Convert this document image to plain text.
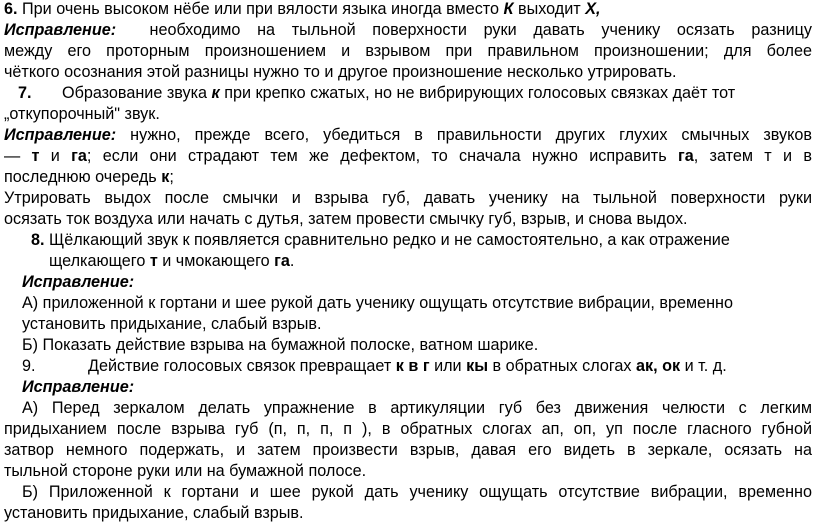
6. При очень высоком нёбе или при вялости языка иногда вместо К выходит Х,
Исправление: необходимо на тыльной поверхности руки давать ученику осязать разницу
между его проторным произношением и взрывом при правильном произношении; для более
чёткого осознания этой разницы нужно то и другое произношение несколько утрировать.
7. Образование звука к при крепко сжатых, но не вибрирующих голосовых связках даёт тот
„откупорочный" звук.
Исправление: нужно, прежде всего, убедиться в правильности других глухих смычных звуков
— т и га; если они страдают тем же дефектом, то сначала нужно исправить га, затем т и в
последнюю очередь к;
Утрировать выдох после смычки и взрыва губ, давать ученику на тыльной поверхности руки
осязать ток воздуха или начать с дутья, затем провести смычку губ, взрыв, и снова выдох.
8. Щёлкающий звук к появляется сравнительно редко и не самостоятельно, а как отражение
щелкающего т и чмокающего га.
Исправление:
А) приложенной к гортани и шее рукой дать ученику ощущать отсутствие вибрации, временно
установить придыхание, слабый взрыв.
Б) Показать действие взрыва на бумажной полоске, ватном шарике.
9.	Действие голосовых связок превращает к в г или кы в обратных слогах ак, ок и т. д.
Исправление:
А) Перед зеркалом делать упражнение в артикуляции губ без движения челюсти с легким
придыханием после взрыва губ (п, п, п, п ), в обратных слогах ап, оп, уп после гласного губной
затвор немного подержать, и затем произвести взрыв, давая его видеть в зеркале, осязать на
тыльной стороне руки или на бумажной полосе.
Б) Приложенной к гортани и шее рукой дать ученику ощущать отсутствие вибрации, временно
установить придыхание, слабый взрыв.
